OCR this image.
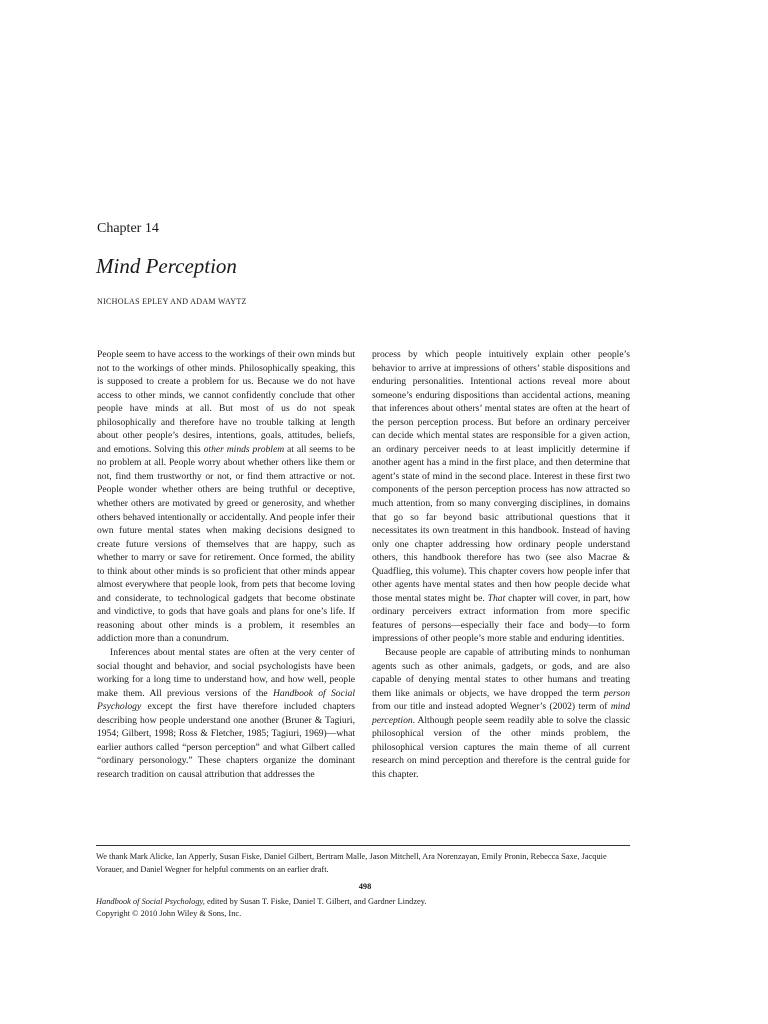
Chapter 14
Mind Perception
NICHOLAS EPLEY AND ADAM WAYTZ

People seem to have access to the workings of their own minds but not to the workings of other minds. Philosophically speaking, this is supposed to create a problem for us. Because we do not have access to other minds, we cannot confidently conclude that other people have minds at all. But most of us do not speak philosophically and therefore have no trouble talking at length about other people’s desires, intentions, goals, attitudes, beliefs, and emotions. Solving this other minds problem at all seems to be no problem at all. People worry about whether others like them or not, find them trustworthy or not, or find them attractive or not. People wonder whether others are being truthful or deceptive, whether others are motivated by greed or generosity, and whether others behaved intentionally or accidentally. And people infer their own future mental states when making decisions designed to create future versions of themselves that are happy, such as whether to marry or save for retirement. Once formed, the ability to think about other minds is so proficient that other minds appear almost everywhere that people look, from pets that become loving and considerate, to technological gadgets that become obstinate and vindictive, to gods that have goals and plans for one’s life. If reasoning about other minds is a problem, it resembles an addiction more than a conundrum.

Inferences about mental states are often at the very center of social thought and behavior, and social psychologists have been working for a long time to understand how, and how well, people make them. All previous versions of the Handbook of Social Psychology except the first have therefore included chapters describing how people understand one another (Bruner & Tagiuri, 1954; Gilbert, 1998; Ross & Fletcher, 1985; Tagiuri, 1969)—what earlier authors called “person perception” and what Gilbert called “ordinary personology.” These chapters organize the dominant research tradition on causal attribution that addresses the

process by which people intuitively explain other people’s behavior to arrive at impressions of others’ stable dispositions and enduring personalities. Intentional actions reveal more about someone’s enduring dispositions than accidental actions, meaning that inferences about others’ mental states are often at the heart of the person perception process. But before an ordinary perceiver can decide which mental states are responsible for a given action, an ordinary perceiver needs to at least implicitly determine if another agent has a mind in the first place, and then determine that agent’s state of mind in the second place. Interest in these first two components of the person perception process has now attracted so much attention, from so many converging disciplines, in domains that go so far beyond basic attributional questions that it necessitates its own treatment in this handbook. Instead of having only one chapter addressing how ordinary people understand others, this handbook therefore has two (see also Macrae & Quadflieg, this volume). This chapter covers how people infer that other agents have mental states and then how people decide what those mental states might be. That chapter will cover, in part, how ordinary perceivers extract information from more specific features of persons—especially their face and body—to form impressions of other people’s more stable and enduring identities.

Because people are capable of attributing minds to nonhuman agents such as other animals, gadgets, or gods, and are also capable of denying mental states to other humans and treating them like animals or objects, we have dropped the term person from our title and instead adopted Wegner’s (2002) term of mind perception. Although people seem readily able to solve the classic philosophical version of the other minds problem, the philosophical version captures the main theme of all current research on mind perception and therefore is the central guide for this chapter.

We thank Mark Alicke, Ian Apperly, Susan Fiske, Daniel Gilbert, Bertram Malle, Jason Mitchell, Ara Norenzayan, Emily Pronin, Rebecca Saxe, Jacquie Vorauer, and Daniel Wegner for helpful comments on an earlier draft.
498
Handbook of Social Psychology, edited by Susan T. Fiske, Daniel T. Gilbert, and Gardner Lindzey.
Copyright © 2010 John Wiley & Sons, Inc.
